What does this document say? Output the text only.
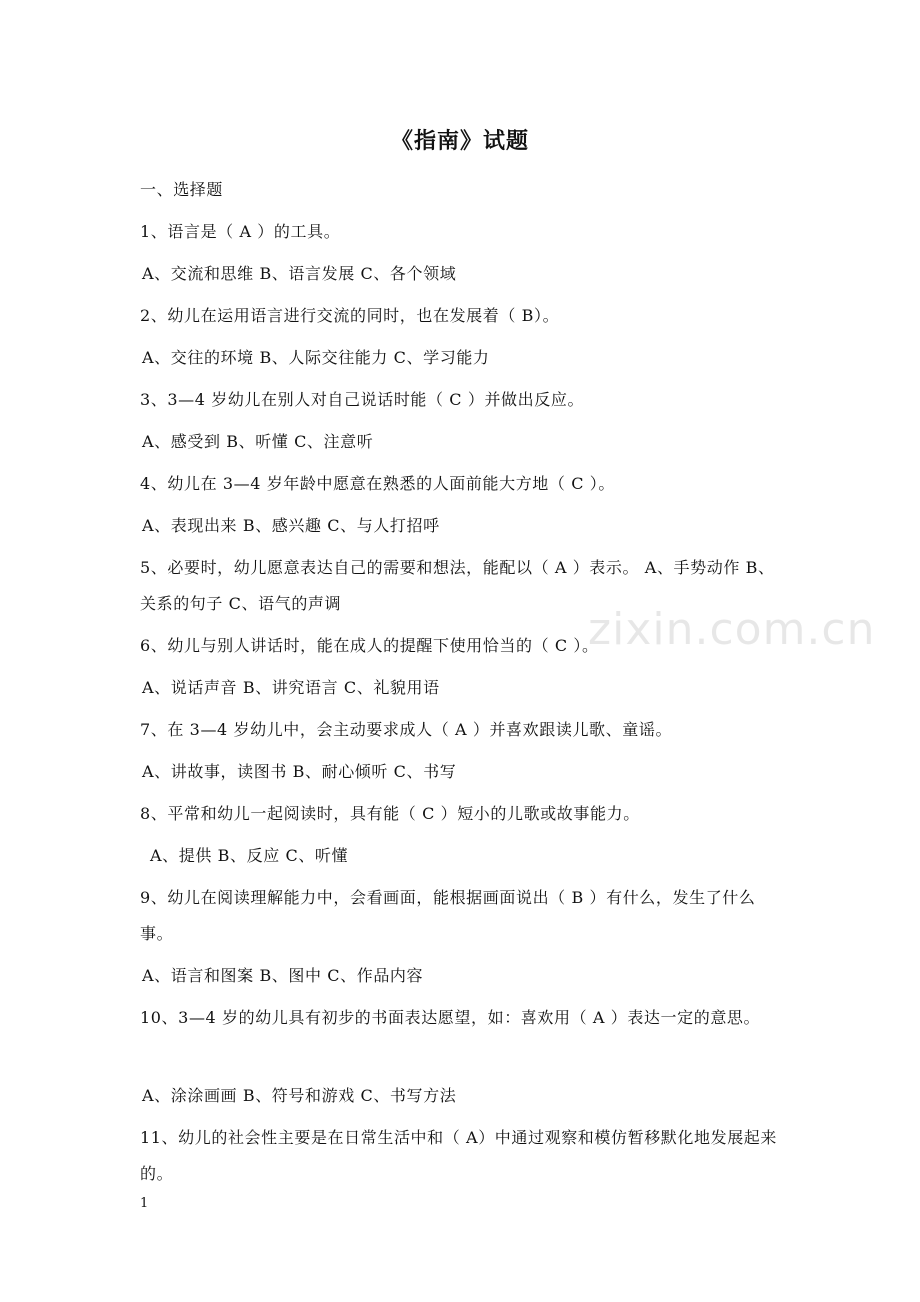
《指南》试题
一、选择题
1、语言是（ A ）的工具。
A、交流和思维 B、语言发展 C、各个领域
2、幼儿在运用语言进行交流的同时，也在发展着（ B）。
A、交往的环境 B、人际交往能力 C、学习能力
3、3—4 岁幼儿在别人对自己说话时能（ C ）并做出反应。
A、感受到 B、听懂 C、注意听
4、幼儿在 3—4 岁年龄中愿意在熟悉的人面前能大方地（ C ）。
A、表现出来 B、感兴趣 C、与人打招呼
5、必要时，幼儿愿意表达自己的需要和想法，能配以（ A ）表示。 A、手势动作 B、关系的句子 C、语气的声调
6、幼儿与别人讲话时，能在成人的提醒下使用恰当的（ C ）。
A、说话声音 B、讲究语言 C、礼貌用语
7、在 3—4 岁幼儿中，会主动要求成人（ A ）并喜欢跟读儿歌、童谣。
A、讲故事，读图书 B、耐心倾听 C、书写
8、平常和幼儿一起阅读时，具有能（ C ）短小的儿歌或故事能力。
A、提供 B、反应 C、听懂
9、幼儿在阅读理解能力中，会看画面，能根据画面说出（ B ）有什么，发生了什么事。
A、语言和图案 B、图中 C、作品内容
10、3—4 岁的幼儿具有初步的书面表达愿望，如：喜欢用（ A ）表达一定的意思。
A、涂涂画画 B、符号和游戏 C、书写方法
11、幼儿的社会性主要是在日常生活中和（ A）中通过观察和模仿暂移默化地发展起来的。
zixin.com.cn
1
